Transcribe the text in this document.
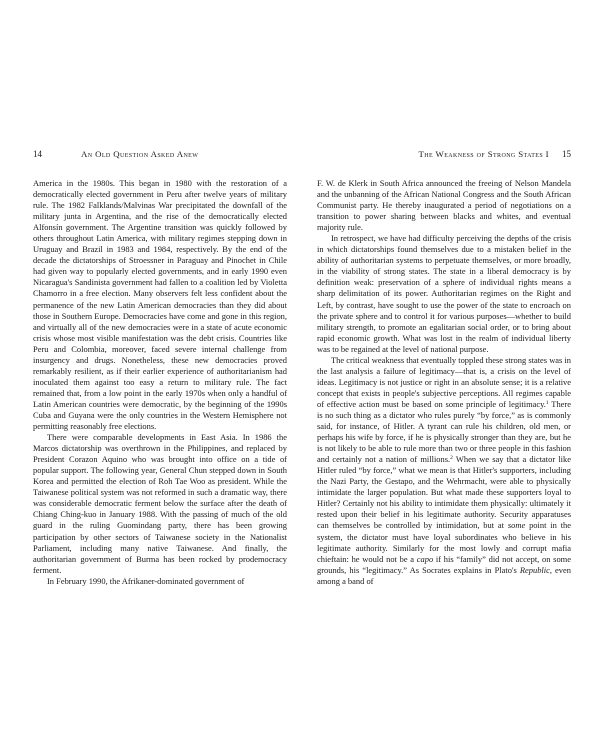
14	An Old Question Asked Anew

America in the 1980s. This began in 1980 with the restoration of a democratically elected government in Peru after twelve years of military rule. The 1982 Falklands/Malvinas War precipitated the downfall of the military junta in Argentina, and the rise of the democratically elected Alfonsín government. The Argentine transition was quickly followed by others throughout Latin America, with military regimes stepping down in Uruguay and Brazil in 1983 and 1984, respectively. By the end of the decade the dictatorships of Stroessner in Paraguay and Pinochet in Chile had given way to popularly elected governments, and in early 1990 even Nicaragua's Sandinista government had fallen to a coalition led by Violetta Chamorro in a free election. Many observers felt less confident about the permanence of the new Latin American democracies than they did about those in Southern Europe. Democracies have come and gone in this region, and virtually all of the new democracies were in a state of acute economic crisis whose most visible manifestation was the debt crisis. Countries like Peru and Colombia, moreover, faced severe internal challenge from insurgency and drugs. Nonetheless, these new democracies proved remarkably resilient, as if their earlier experience of authoritarianism had inoculated them against too easy a return to military rule. The fact remained that, from a low point in the early 1970s when only a handful of Latin American countries were democratic, by the beginning of the 1990s Cuba and Guyana were the only countries in the Western Hemisphere not permitting reasonably free elections.

There were comparable developments in East Asia. In 1986 the Marcos dictatorship was overthrown in the Philippines, and replaced by President Corazon Aquino who was brought into office on a tide of popular support. The following year, General Chun stepped down in South Korea and permitted the election of Roh Tae Woo as president. While the Taiwanese political system was not reformed in such a dramatic way, there was considerable democratic ferment below the surface after the death of Chiang Ching-kuo in January 1988. With the passing of much of the old guard in the ruling Guomindang party, there has been growing participation by other sectors of Taiwanese society in the Nationalist Parliament, including many native Taiwanese. And finally, the authoritarian government of Burma has been rocked by prodemocracy ferment.

In February 1990, the Afrikaner-dominated government of

The Weakness of Strong States I 15

F. W. de Klerk in South Africa announced the freeing of Nelson Mandela and the unbanning of the African National Congress and the South African Communist party. He thereby inaugurated a period of negotiations on a transition to power sharing between blacks and whites, and eventual majority rule.

In retrospect, we have had difficulty perceiving the depths of the crisis in which dictatorships found themselves due to a mistaken belief in the ability of authoritarian systems to perpetuate themselves, or more broadly, in the viability of strong states. The state in a liberal democracy is by definition weak: preservation of a sphere of individual rights means a sharp delimitation of its power. Authoritarian regimes on the Right and Left, by contrast, have sought to use the power of the state to encroach on the private sphere and to control it for various purposes—whether to build military strength, to promote an egalitarian social order, or to bring about rapid economic growth. What was lost in the realm of individual liberty was to be regained at the level of national purpose.

The critical weakness that eventually toppled these strong states was in the last analysis a failure of legitimacy—that is, a crisis on the level of ideas. Legitimacy is not justice or right in an absolute sense; it is a relative concept that exists in people's subjective perceptions. All regimes capable of effective action must be based on some principle of legitimacy.$^1$ There is no such thing as a dictator who rules purely “by force,” as is commonly said, for instance, of Hitler. A tyrant can rule his children, old men, or perhaps his wife by force, if he is physically stronger than they are, but he is not likely to be able to rule more than two or three people in this fashion and certainly not a nation of millions.$^2$ When we say that a dictator like Hitler ruled “by force,” what we mean is that Hitler's supporters, including the Nazi Party, the Gestapo, and the Wehrmacht, were able to physically intimidate the larger population. But what made these supporters loyal to Hitler? Certainly not his ability to intimidate them physically: ultimately it rested upon their belief in his legitimate authority. Security apparatuses can themselves be controlled by intimidation, but at some point in the system, the dictator must have loyal subordinates who believe in his legitimate authority. Similarly for the most lowly and corrupt mafia chieftain: he would not be a capo if his “family” did not accept, on some grounds, his “legitimacy.” As Socrates explains in Plato's Republic, even among a band of
